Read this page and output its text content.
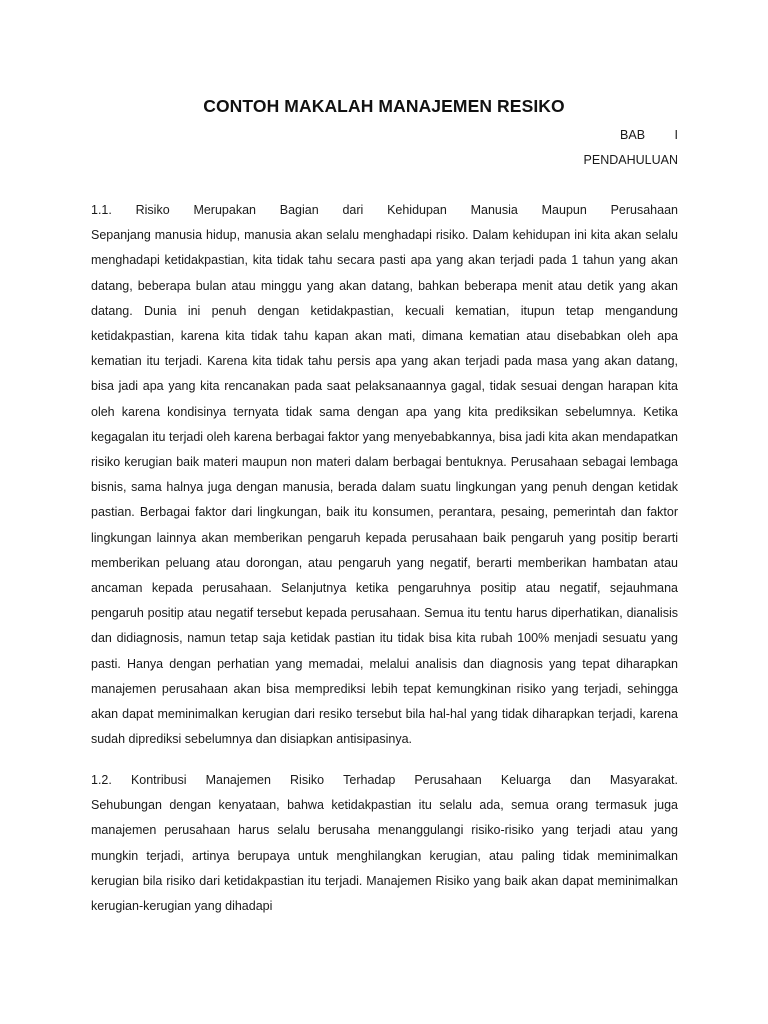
CONTOH MAKALAH MANAJEMEN RESIKO
BAB I
PENDAHULUAN
1.1. Risiko Merupakan Bagian dari Kehidupan Manusia Maupun Perusahaan

Sepanjang manusia hidup, manusia akan selalu menghadapi risiko. Dalam kehidupan ini kita akan selalu menghadapi ketidakpastian, kita tidak tahu secara pasti apa yang akan terjadi pada 1 tahun yang akan datang, beberapa bulan atau minggu yang akan datang, bahkan beberapa menit atau detik yang akan datang. Dunia ini penuh dengan ketidakpastian, kecuali kematian, itupun tetap mengandung ketidakpastian, karena kita tidak tahu kapan akan mati, dimana kematian atau disebabkan oleh apa kematian itu terjadi. Karena kita tidak tahu persis apa yang akan terjadi pada masa yang akan datang, bisa jadi apa yang kita rencanakan pada saat pelaksanaannya gagal, tidak sesuai dengan harapan kita oleh karena kondisinya ternyata tidak sama dengan apa yang kita prediksikan sebelumnya. Ketika kegagalan itu terjadi oleh karena berbagai faktor yang menyebabkannya, bisa jadi kita akan mendapatkan risiko kerugian baik materi maupun non materi dalam berbagai bentuknya. Perusahaan sebagai lembaga bisnis, sama halnya juga dengan manusia, berada dalam suatu lingkungan yang penuh dengan ketidak pastian. Berbagai faktor dari lingkungan, baik itu konsumen, perantara, pesaing, pemerintah dan faktor lingkungan lainnya akan memberikan pengaruh kepada perusahaan baik pengaruh yang positip berarti memberikan peluang atau dorongan, atau pengaruh yang negatif, berarti memberikan hambatan atau ancaman kepada perusahaan. Selanjutnya ketika pengaruhnya positip atau negatif, sejauhmana pengaruh positip atau negatif tersebut kepada perusahaan. Semua itu tentu harus diperhatikan, dianalisis dan didiagnosis, namun tetap saja ketidak pastian itu tidak bisa kita rubah 100% menjadi sesuatu yang pasti. Hanya dengan perhatian yang memadai, melalui analisis dan diagnosis yang tepat diharapkan manajemen perusahaan akan bisa memprediksi lebih tepat kemungkinan risiko yang terjadi, sehingga akan dapat meminimalkan kerugian dari resiko tersebut bila hal-hal yang tidak diharapkan terjadi, karena sudah diprediksi sebelumnya dan disiapkan antisipasinya.

1.2. Kontribusi Manajemen Risiko Terhadap Perusahaan Keluarga dan Masyarakat.

Sehubungan dengan kenyataan, bahwa ketidakpastian itu selalu ada, semua orang termasuk juga manajemen perusahaan harus selalu berusaha menanggulangi risiko-risiko yang terjadi atau yang mungkin terjadi, artinya berupaya untuk menghilangkan kerugian, atau paling tidak meminimalkan kerugian bila risiko dari ketidakpastian itu terjadi. Manajemen Risiko yang baik akan dapat meminimalkan kerugian-kerugian yang dihadapi
